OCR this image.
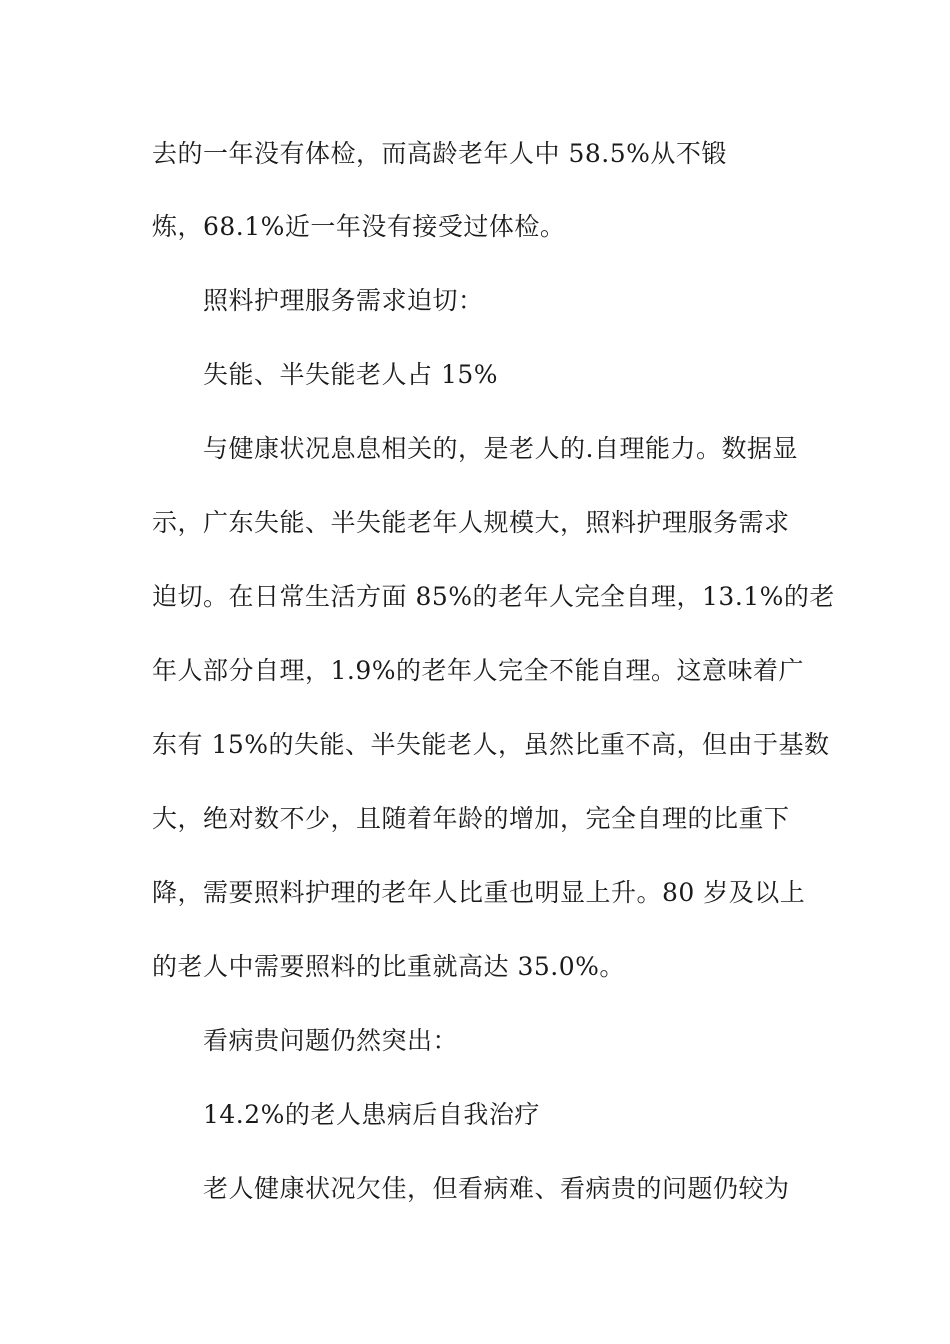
去的一年没有体检，而高龄老年人中 58.5%从不锻
炼，68.1%近一年没有接受过体检。
照料护理服务需求迫切：
失能、半失能老人占 15%
与健康状况息息相关的，是老人的.自理能力。数据显
示，广东失能、半失能老年人规模大，照料护理服务需求
迫切。在日常生活方面 85%的老年人完全自理，13.1%的老
年人部分自理，1.9%的老年人完全不能自理。这意味着广
东有 15%的失能、半失能老人，虽然比重不高，但由于基数
大，绝对数不少，且随着年龄的增加，完全自理的比重下
降，需要照料护理的老年人比重也明显上升。80 岁及以上
的老人中需要照料的比重就高达 35.0%。
看病贵问题仍然突出：
14.2%的老人患病后自我治疗
老人健康状况欠佳，但看病难、看病贵的问题仍较为
